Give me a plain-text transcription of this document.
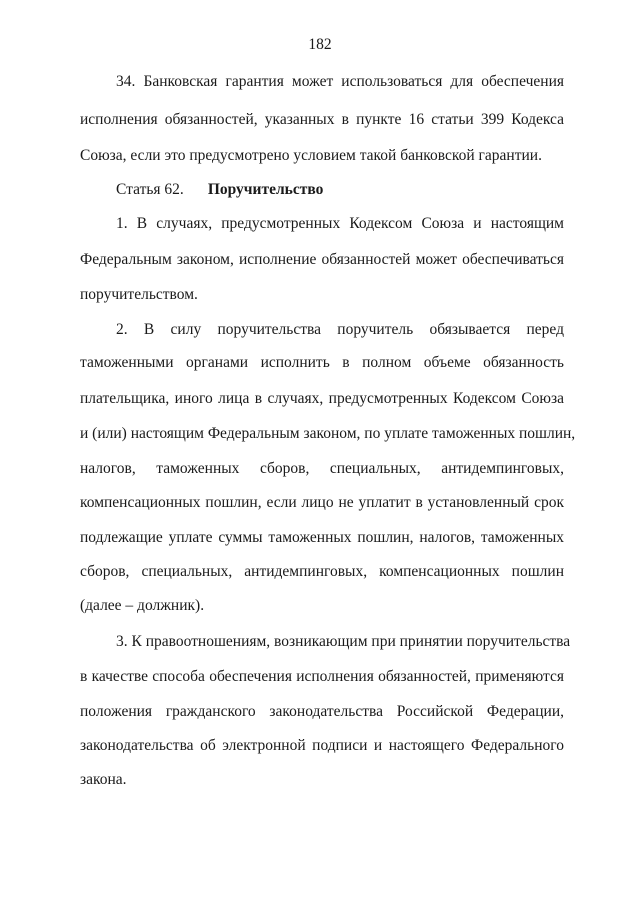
182
34. Банковская гарантия может использоваться для обеспечения
исполнения обязанностей, указанных в пункте 16 статьи 399 Кодекса
Союза, если это предусмотрено условием такой банковской гарантии.
Статья 62. Поручительство
1. В случаях, предусмотренных Кодексом Союза и настоящим
Федеральным законом, исполнение обязанностей может обеспечиваться
поручительством.
2. В силу поручительства поручитель обязывается перед
таможенными органами исполнить в полном объеме обязанность
плательщика, иного лица в случаях, предусмотренных Кодексом Союза
и (или) настоящим Федеральным законом, по уплате таможенных пошлин,
налогов, таможенных сборов, специальных, антидемпинговых,
компенсационных пошлин, если лицо не уплатит в установленный срок
подлежащие уплате суммы таможенных пошлин, налогов, таможенных
сборов, специальных, антидемпинговых, компенсационных пошлин
(далее – должник).
3. К правоотношениям, возникающим при принятии поручительства
в качестве способа обеспечения исполнения обязанностей, применяются
положения гражданского законодательства Российской Федерации,
законодательства об электронной подписи и настоящего Федерального
закона.
